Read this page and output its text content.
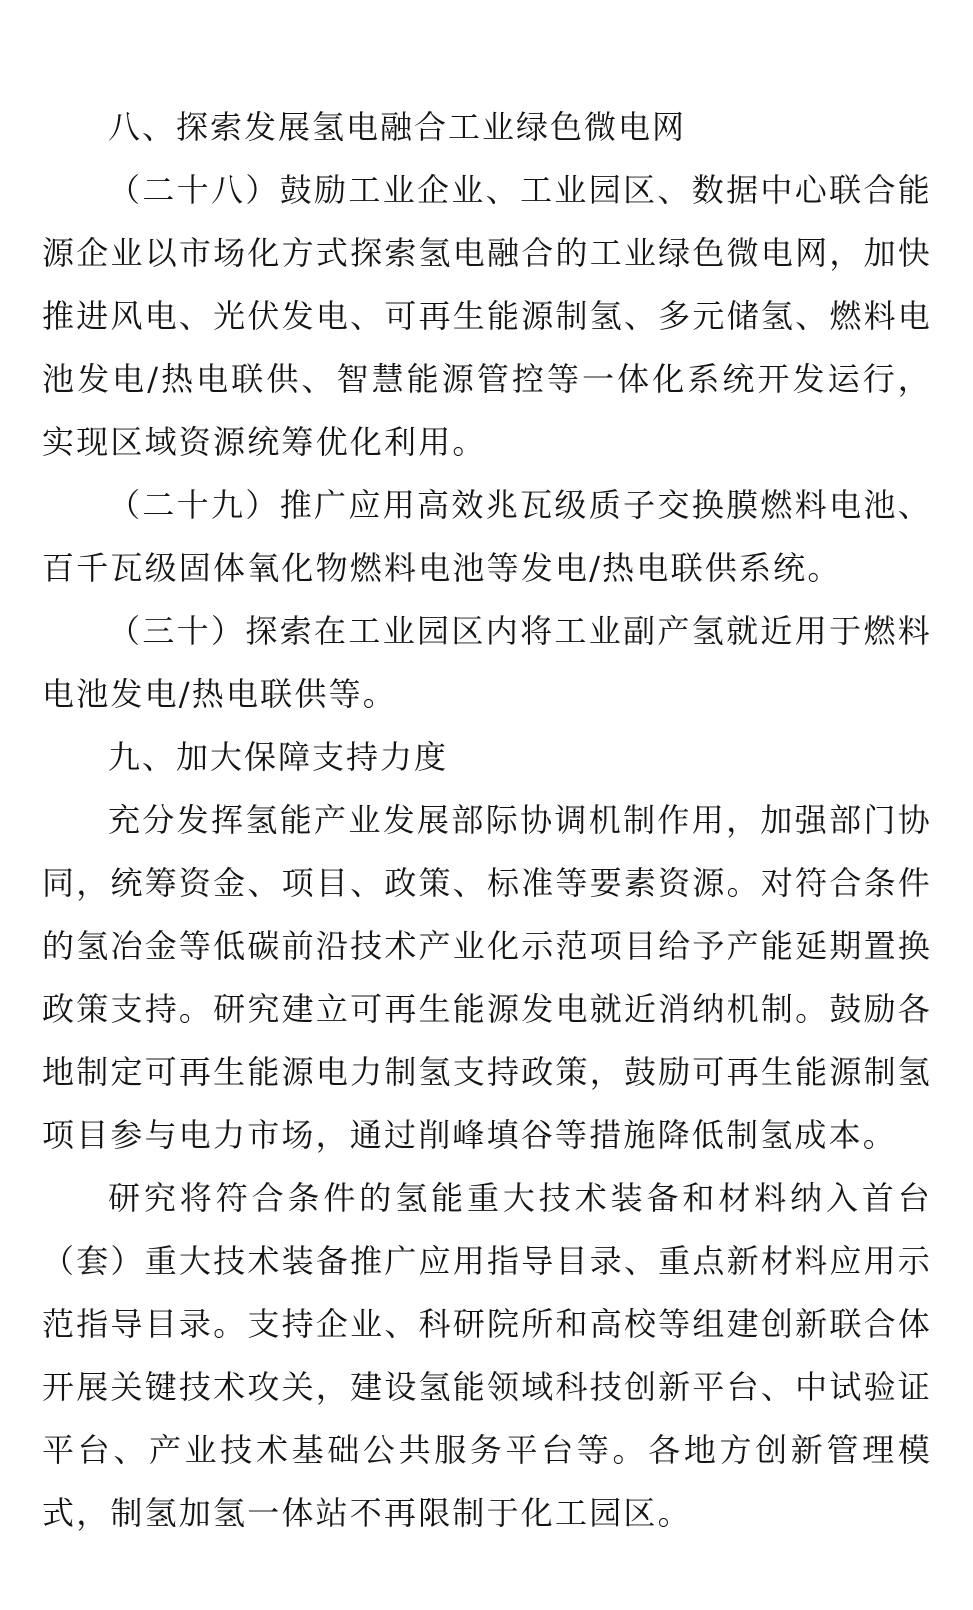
八、探索发展氢电融合工业绿色微电网

（二十八）鼓励工业企业、工业园区、数据中心联合能源企业以市场化方式探索氢电融合的工业绿色微电网，加快推进风电、光伏发电、可再生能源制氢、多元储氢、燃料电池发电/热电联供、智慧能源管控等一体化系统开发运行，实现区域资源统筹优化利用。

（二十九）推广应用高效兆瓦级质子交换膜燃料电池、百千瓦级固体氧化物燃料电池等发电/热电联供系统。

（三十）探索在工业园区内将工业副产氢就近用于燃料电池发电/热电联供等。

九、加大保障支持力度

充分发挥氢能产业发展部际协调机制作用，加强部门协同，统筹资金、项目、政策、标准等要素资源。对符合条件的氢冶金等低碳前沿技术产业化示范项目给予产能延期置换政策支持。研究建立可再生能源发电就近消纳机制。鼓励各地制定可再生能源电力制氢支持政策，鼓励可再生能源制氢项目参与电力市场，通过削峰填谷等措施降低制氢成本。

研究将符合条件的氢能重大技术装备和材料纳入首台（套）重大技术装备推广应用指导目录、重点新材料应用示范指导目录。支持企业、科研院所和高校等组建创新联合体开展关键技术攻关，建设氢能领域科技创新平台、中试验证平台、产业技术基础公共服务平台等。各地方创新管理模式，制氢加氢一体站不再限制于化工园区。
